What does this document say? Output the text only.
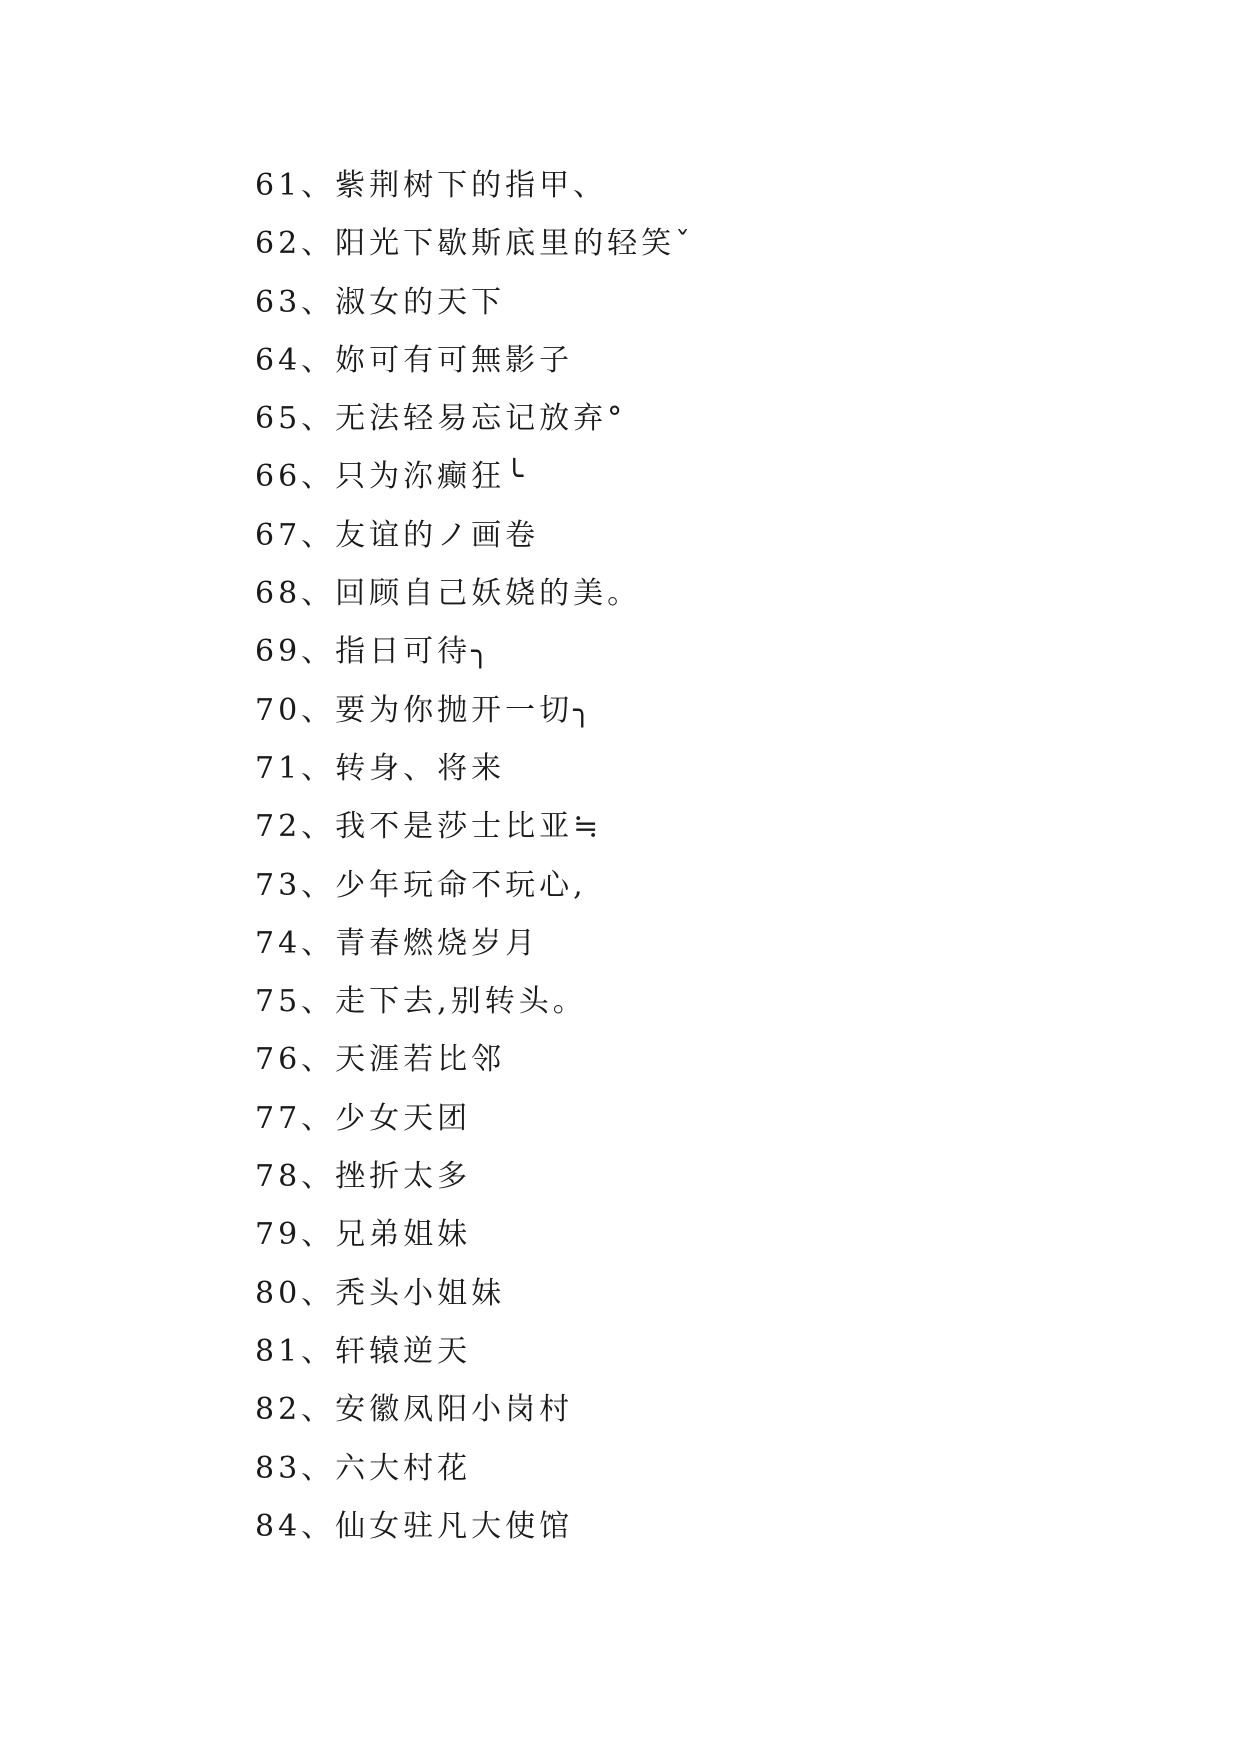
61、紫荆树下的指甲、
62、阳光下歇斯底里的轻笑ˇ
63、淑女的天下
64、妳可有可無影子
65、无法轻易忘记放弃°
66、只为沵癫狂╰
67、友谊的ノ画卷
68、回顾自己妖娆的美。
69、指日可待╮
70、要为你抛开一切╮
71、转身、将来
72、我不是莎士比亚≒
73、少年玩命不玩心,
74、青春燃烧岁月
75、走下去,别转头。
76、天涯若比邻
77、少女天团
78、挫折太多
79、兄弟姐妹
80、秃头小姐妹
81、轩辕逆天
82、安徽凤阳小岗村
83、六大村花
84、仙女驻凡大使馆
